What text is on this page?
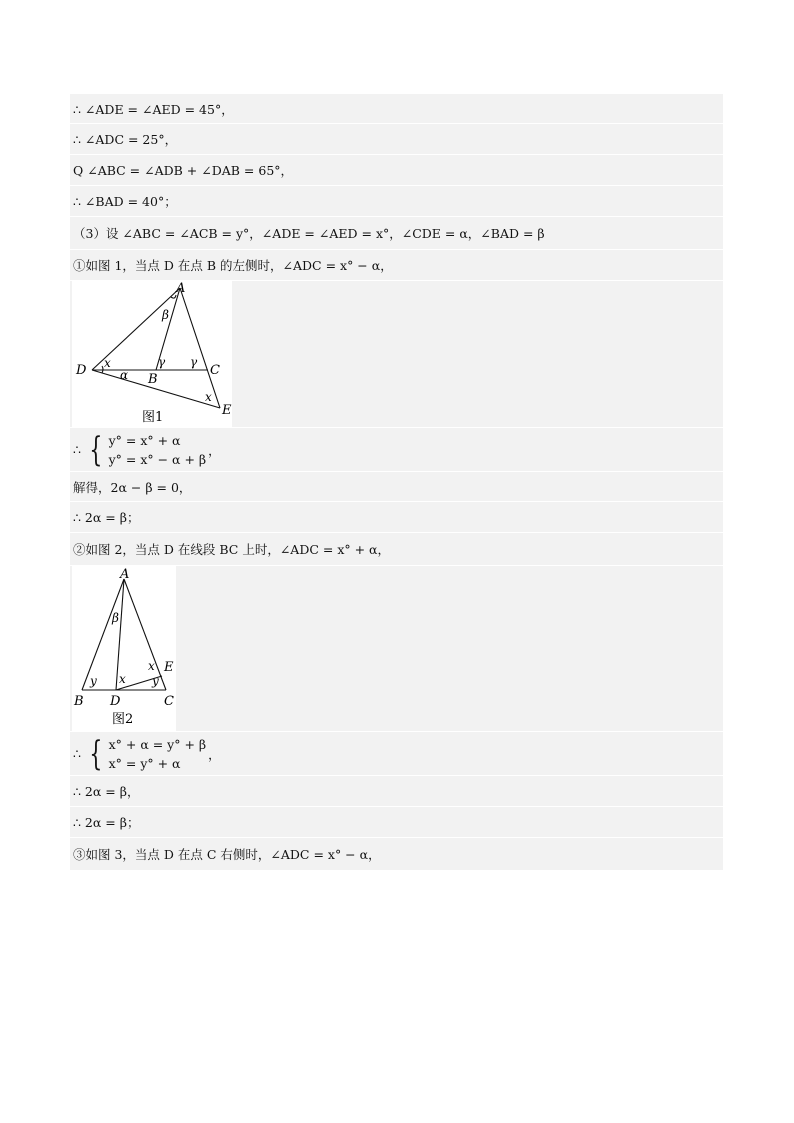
∴ ∠ADE = ∠AED = 45°，
∴ ∠ADC = 25°，
Q ∠ABC = ∠ADB + ∠DAB = 65°，
∴ ∠BAD = 40°；
（3）设 ∠ABC = ∠ACB = y°，∠ADE = ∠AED = x°，∠CDE = α，∠BAD = β
①如图 1，当点 D 在点 B 的左侧时，∠ADC = x° − α，
A
B
C
D
E
x
x
α
β
γ γ
图1
∴ { y° = x° + α
y° = x° − α + β
，
解得，2α − β = 0，
∴ 2α = β；
②如图 2，当点 D 在线段 BC 上时，∠ADC = x° + α，
A
B	C
D
E
y	y
x
x
β
图2
∴ { x° + α = y° + β
x° = y° + α
，
∴ 2α = β，
∴ 2α = β；
③如图 3，当点 D 在点 C 右侧时，∠ADC = x° − α，
